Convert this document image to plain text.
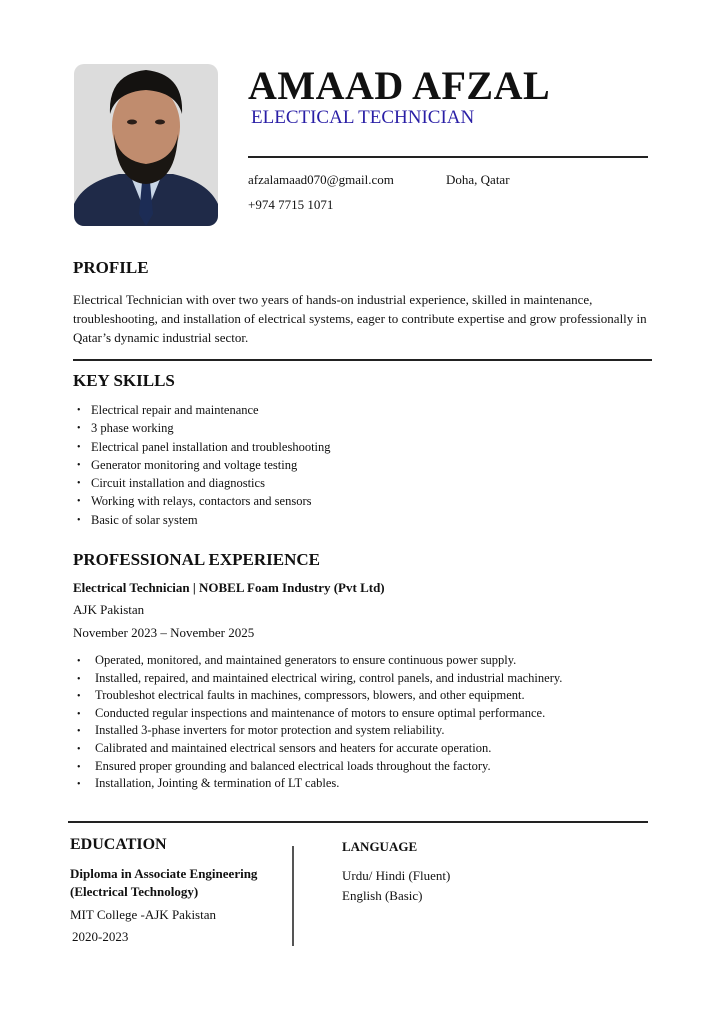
AMAAD AFZAL
ELECTICAL TECHNICIAN
afzalamaad070@gmail.com	Doha, Qatar
+974 7715 1071
PROFILE
Electrical Technician with over two years of hands-on industrial experience, skilled in maintenance, troubleshooting, and installation of electrical systems, eager to contribute expertise and grow professionally in Qatar’s dynamic industrial sector.
KEY SKILLS
• Electrical repair and maintenance
• 3 phase working
• Electrical panel installation and troubleshooting
• Generator monitoring and voltage testing
• Circuit installation and diagnostics
• Working with relays, contactors and sensors
• Basic of solar system
PROFESSIONAL EXPERIENCE
Electrical Technician | NOBEL Foam Industry (Pvt Ltd)
AJK Pakistan
November 2023 – November 2025
• Operated, monitored, and maintained generators to ensure continuous power supply.
• Installed, repaired, and maintained electrical wiring, control panels, and industrial machinery.
• Troubleshot electrical faults in machines, compressors, blowers, and other equipment.
• Conducted regular inspections and maintenance of motors to ensure optimal performance.
• Installed 3-phase inverters for motor protection and system reliability.
• Calibrated and maintained electrical sensors and heaters for accurate operation.
• Ensured proper grounding and balanced electrical loads throughout the factory.
• Installation, Jointing & termination of LT cables.
EDUCATION
Diploma in Associate Engineering
(Electrical Technology)
MIT College -AJK Pakistan
2020-2023
LANGUAGE
Urdu/ Hindi (Fluent)
English (Basic)
